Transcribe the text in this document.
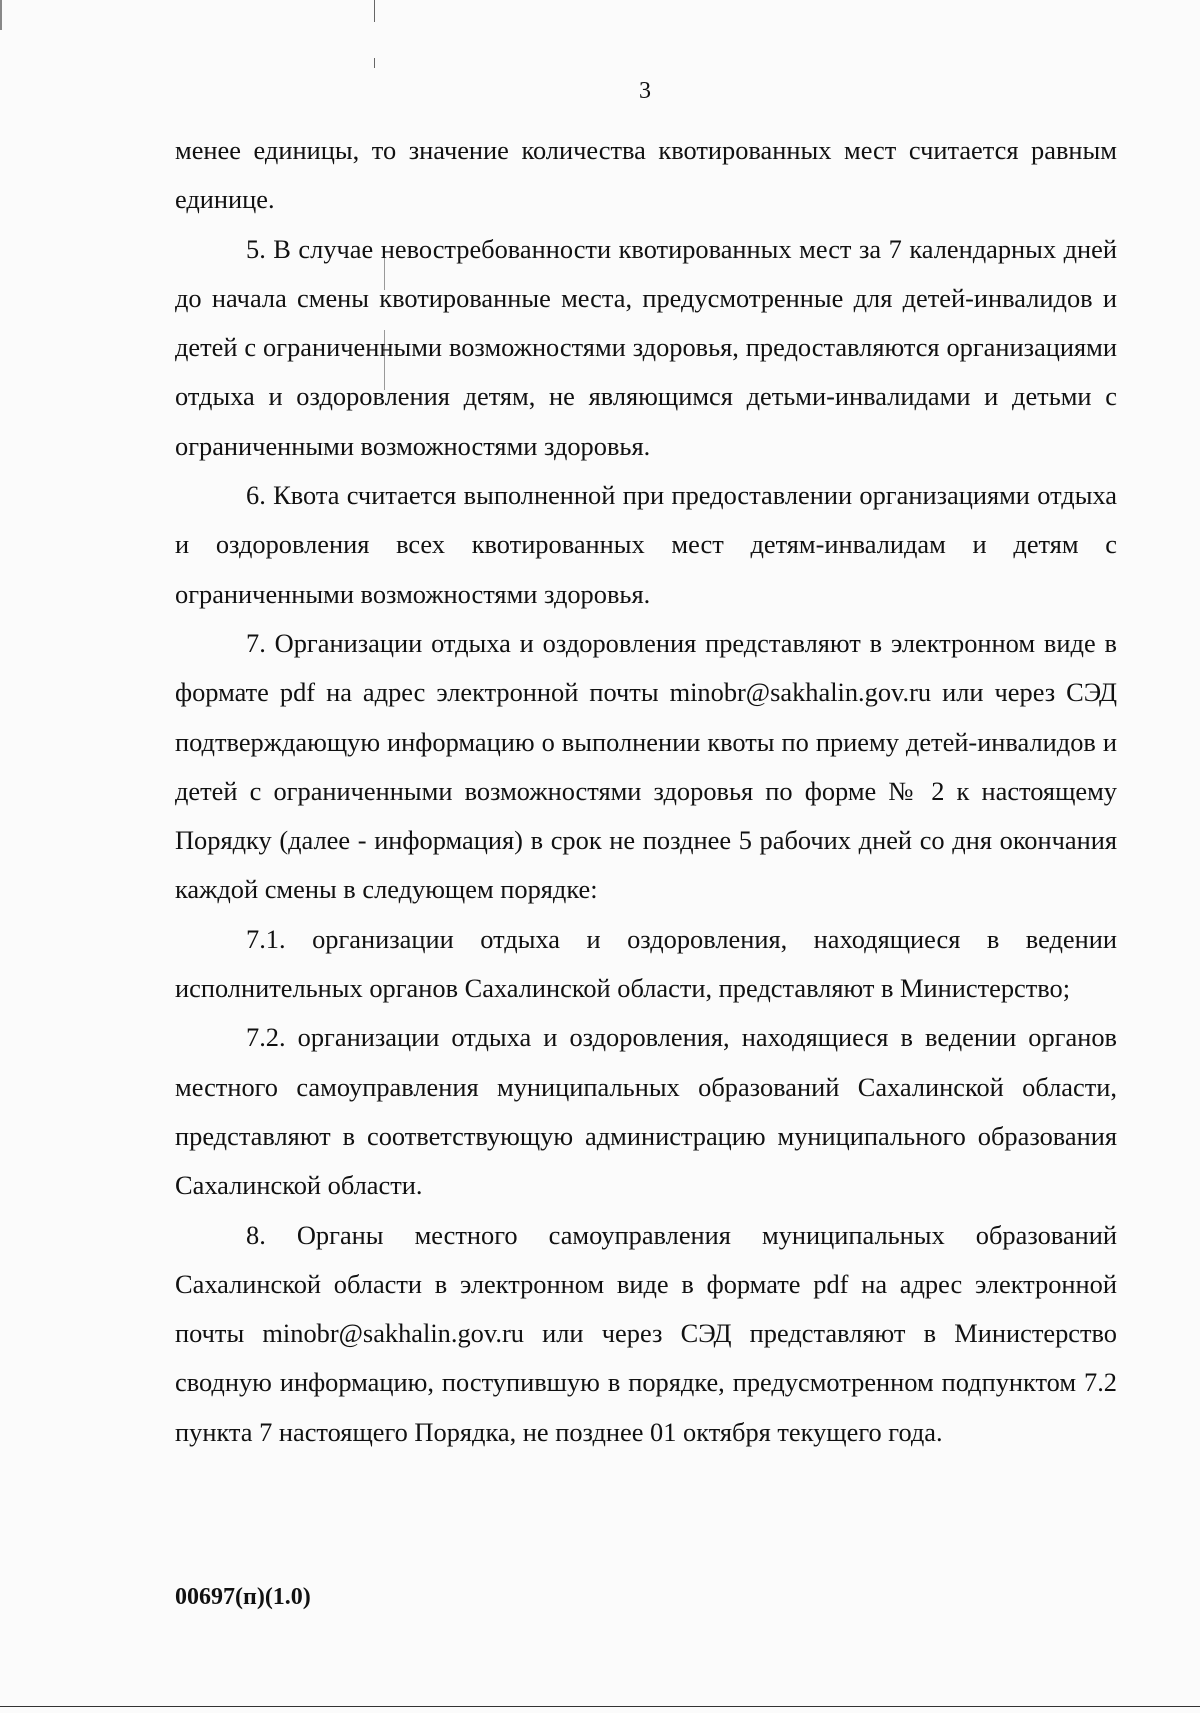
3

менее единицы, то значение количества квотированных мест считается равным единице.

5. В случае невостребованности квотированных мест за 7 календарных дней до начала смены квотированные места, предусмотренные для детей-инвалидов и детей с ограниченными возможностями здоровья, предоставляются организациями отдыха и оздоровления детям, не являющимся детьми-инвалидами и детьми с ограниченными возможностями здоровья.

6. Квота считается выполненной при предоставлении организациями отдыха и оздоровления всех квотированных мест детям-инвалидам и детям с ограниченными возможностями здоровья.

7. Организации отдыха и оздоровления представляют в электронном виде в формате pdf на адрес электронной почты minobr@sakhalin.gov.ru или через СЭД подтверждающую информацию о выполнении квоты по приему детей-инвалидов и детей с ограниченными возможностями здоровья по форме № 2 к настоящему Порядку (далее - информация) в срок не позднее 5 рабочих дней со дня окончания каждой смены в следующем порядке:

7.1. организации отдыха и оздоровления, находящиеся в ведении исполнительных органов Сахалинской области, представляют в Министерство;

7.2. организации отдыха и оздоровления, находящиеся в ведении органов местного самоуправления муниципальных образований Сахалинской области, представляют в соответствующую администрацию муниципального образования Сахалинской области.

8. Органы местного самоуправления муниципальных образований Сахалинской области в электронном виде в формате pdf на адрес электронной почты minobr@sakhalin.gov.ru или через СЭД представляют в Министерство сводную информацию, поступившую в порядке, предусмотренном подпунктом 7.2 пункта 7 настоящего Порядка, не позднее 01 октября текущего года.

00697(п)(1.0)
